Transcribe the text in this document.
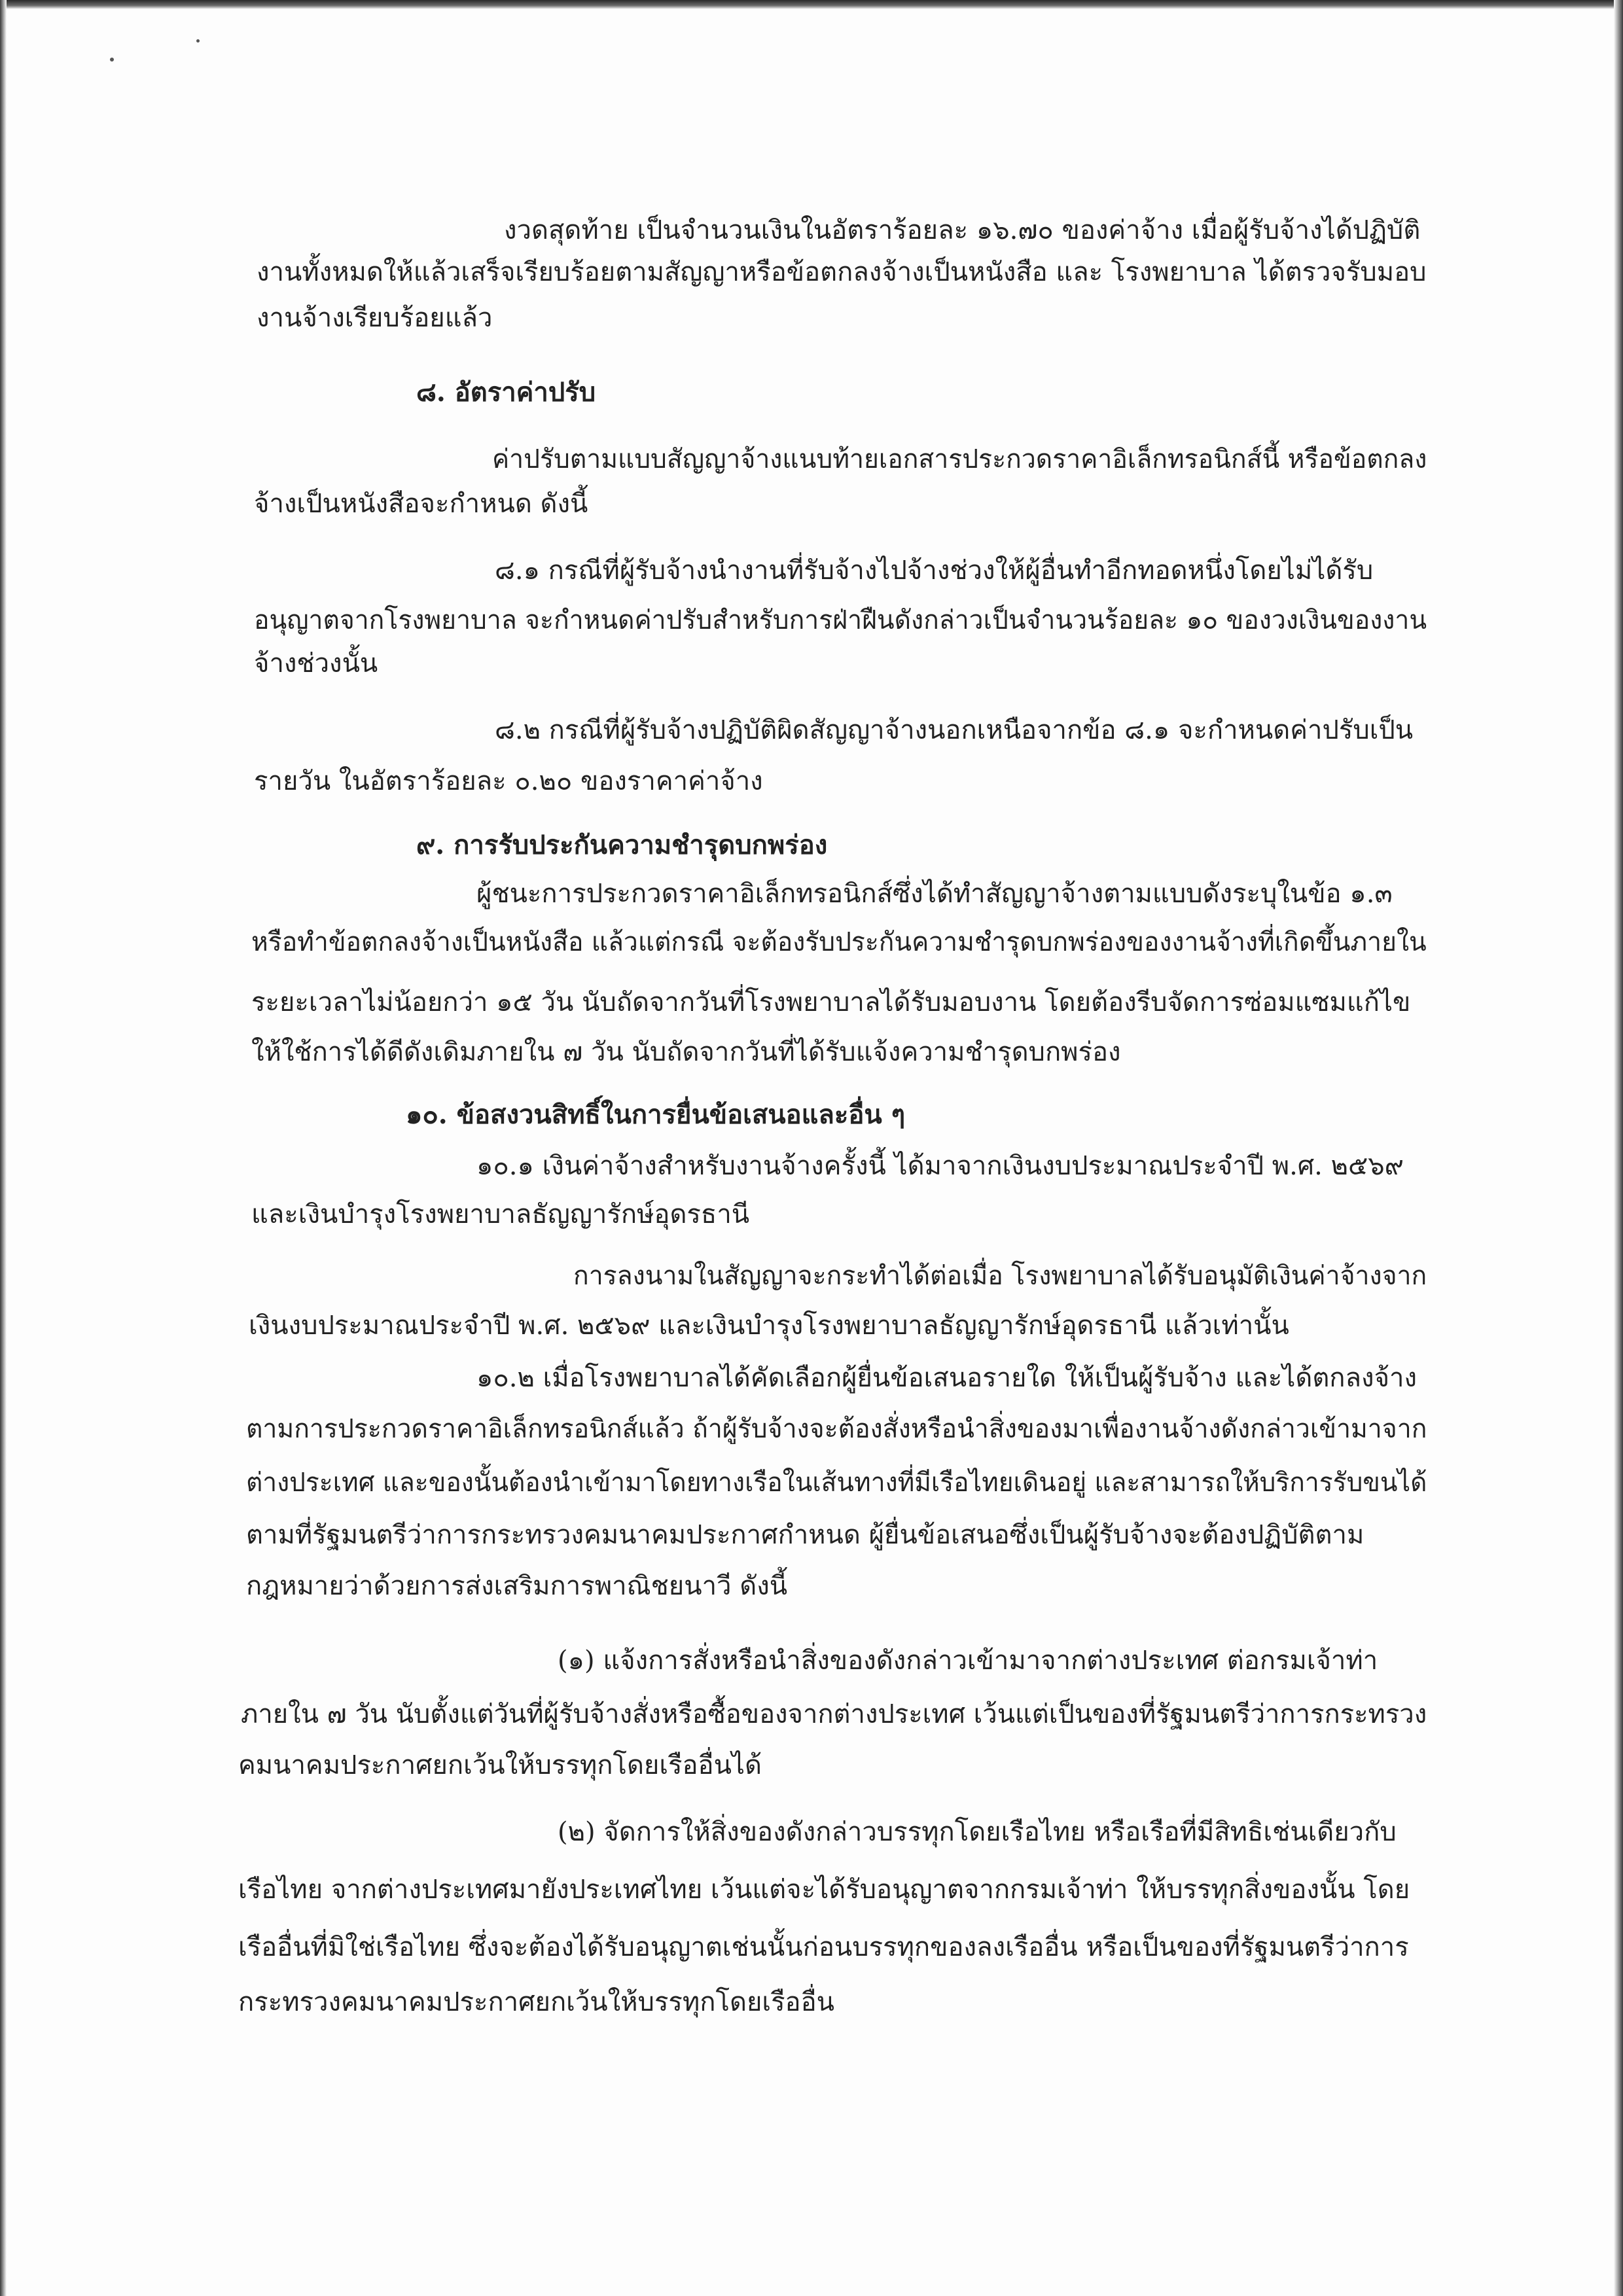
งวดสุดท้าย เป็นจำนวนเงินในอัตราร้อยละ ๑๖.๗๐ ของค่าจ้าง เมื่อผู้รับจ้างได้ปฏิบัติ
งานทั้งหมดให้แล้วเสร็จเรียบร้อยตามสัญญาหรือข้อตกลงจ้างเป็นหนังสือ และ โรงพยาบาล ได้ตรวจรับมอบ
งานจ้างเรียบร้อยแล้ว
๘. อัตราค่าปรับ
ค่าปรับตามแบบสัญญาจ้างแนบท้ายเอกสารประกวดราคาอิเล็กทรอนิกส์นี้ หรือข้อตกลง
จ้างเป็นหนังสือจะกำหนด ดังนี้
๘.๑ กรณีที่ผู้รับจ้างนำงานที่รับจ้างไปจ้างช่วงให้ผู้อื่นทำอีกทอดหนึ่งโดยไม่ได้รับ
อนุญาตจากโรงพยาบาล จะกำหนดค่าปรับสำหรับการฝ่าฝืนดังกล่าวเป็นจำนวนร้อยละ ๑๐ ของวงเงินของงาน
จ้างช่วงนั้น
๘.๒ กรณีที่ผู้รับจ้างปฏิบัติผิดสัญญาจ้างนอกเหนือจากข้อ ๘.๑ จะกำหนดค่าปรับเป็น
รายวัน ในอัตราร้อยละ ๐.๒๐ ของราคาค่าจ้าง
๙. การรับประกันความชำรุดบกพร่อง
ผู้ชนะการประกวดราคาอิเล็กทรอนิกส์ซึ่งได้ทำสัญญาจ้างตามแบบดังระบุในข้อ ๑.๓
หรือทำข้อตกลงจ้างเป็นหนังสือ แล้วแต่กรณี จะต้องรับประกันความชำรุดบกพร่องของงานจ้างที่เกิดขึ้นภายใน
ระยะเวลาไม่น้อยกว่า ๑๕ วัน นับถัดจากวันที่โรงพยาบาลได้รับมอบงาน โดยต้องรีบจัดการซ่อมแซมแก้ไข
ให้ใช้การได้ดีดังเดิมภายใน ๗ วัน นับถัดจากวันที่ได้รับแจ้งความชำรุดบกพร่อง
๑๐. ข้อสงวนสิทธิ์ในการยื่นข้อเสนอและอื่น ๆ
๑๐.๑ เงินค่าจ้างสำหรับงานจ้างครั้งนี้ ได้มาจากเงินงบประมาณประจำปี พ.ศ. ๒๕๖๙
และเงินบำรุงโรงพยาบาลธัญญารักษ์อุดรธานี
การลงนามในสัญญาจะกระทำได้ต่อเมื่อ โรงพยาบาลได้รับอนุมัติเงินค่าจ้างจาก
เงินงบประมาณประจำปี พ.ศ. ๒๕๖๙ และเงินบำรุงโรงพยาบาลธัญญารักษ์อุดรธานี แล้วเท่านั้น
๑๐.๒ เมื่อโรงพยาบาลได้คัดเลือกผู้ยื่นข้อเสนอรายใด ให้เป็นผู้รับจ้าง และได้ตกลงจ้าง
ตามการประกวดราคาอิเล็กทรอนิกส์แล้ว ถ้าผู้รับจ้างจะต้องสั่งหรือนำสิ่งของมาเพื่องานจ้างดังกล่าวเข้ามาจาก
ต่างประเทศ และของนั้นต้องนำเข้ามาโดยทางเรือในเส้นทางที่มีเรือไทยเดินอยู่ และสามารถให้บริการรับขนได้
ตามที่รัฐมนตรีว่าการกระทรวงคมนาคมประกาศกำหนด ผู้ยื่นข้อเสนอซึ่งเป็นผู้รับจ้างจะต้องปฏิบัติตาม
กฎหมายว่าด้วยการส่งเสริมการพาณิชยนาวี ดังนี้
(๑) แจ้งการสั่งหรือนำสิ่งของดังกล่าวเข้ามาจากต่างประเทศ ต่อกรมเจ้าท่า
ภายใน ๗ วัน นับตั้งแต่วันที่ผู้รับจ้างสั่งหรือซื้อของจากต่างประเทศ เว้นแต่เป็นของที่รัฐมนตรีว่าการกระทรวง
คมนาคมประกาศยกเว้นให้บรรทุกโดยเรืออื่นได้
(๒) จัดการให้สิ่งของดังกล่าวบรรทุกโดยเรือไทย หรือเรือที่มีสิทธิเช่นเดียวกับ
เรือไทย จากต่างประเทศมายังประเทศไทย เว้นแต่จะได้รับอนุญาตจากกรมเจ้าท่า ให้บรรทุกสิ่งของนั้น โดย
เรืออื่นที่มิใช่เรือไทย ซึ่งจะต้องได้รับอนุญาตเช่นนั้นก่อนบรรทุกของลงเรืออื่น หรือเป็นของที่รัฐมนตรีว่าการ
กระทรวงคมนาคมประกาศยกเว้นให้บรรทุกโดยเรืออื่น
